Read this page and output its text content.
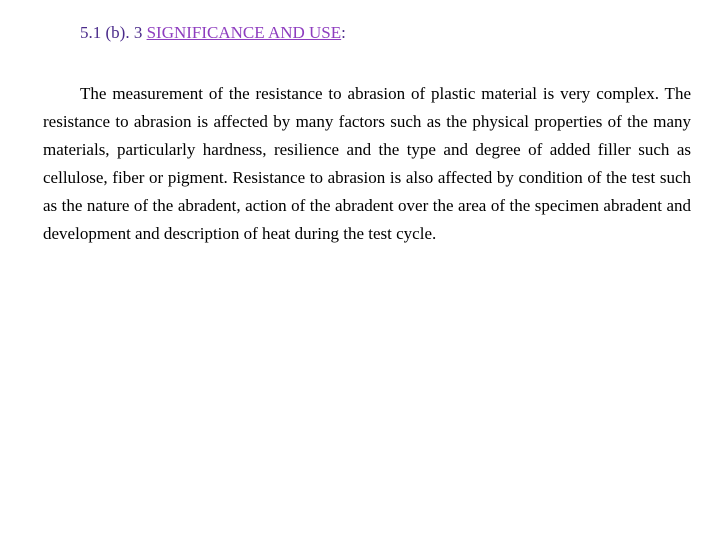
5.1 (b). 3 SIGNIFICANCE AND USE:

The measurement of the resistance to abrasion of plastic material is very complex. The resistance to abrasion is affected by many factors such as the physical properties of the many materials, particularly hardness, resilience and the type and degree of added filler such as cellulose, fiber or pigment. Resistance to abrasion is also affected by condition of the test such as the nature of the abradent, action of the abradent over the area of the specimen abradent and development and description of heat during the test cycle.
